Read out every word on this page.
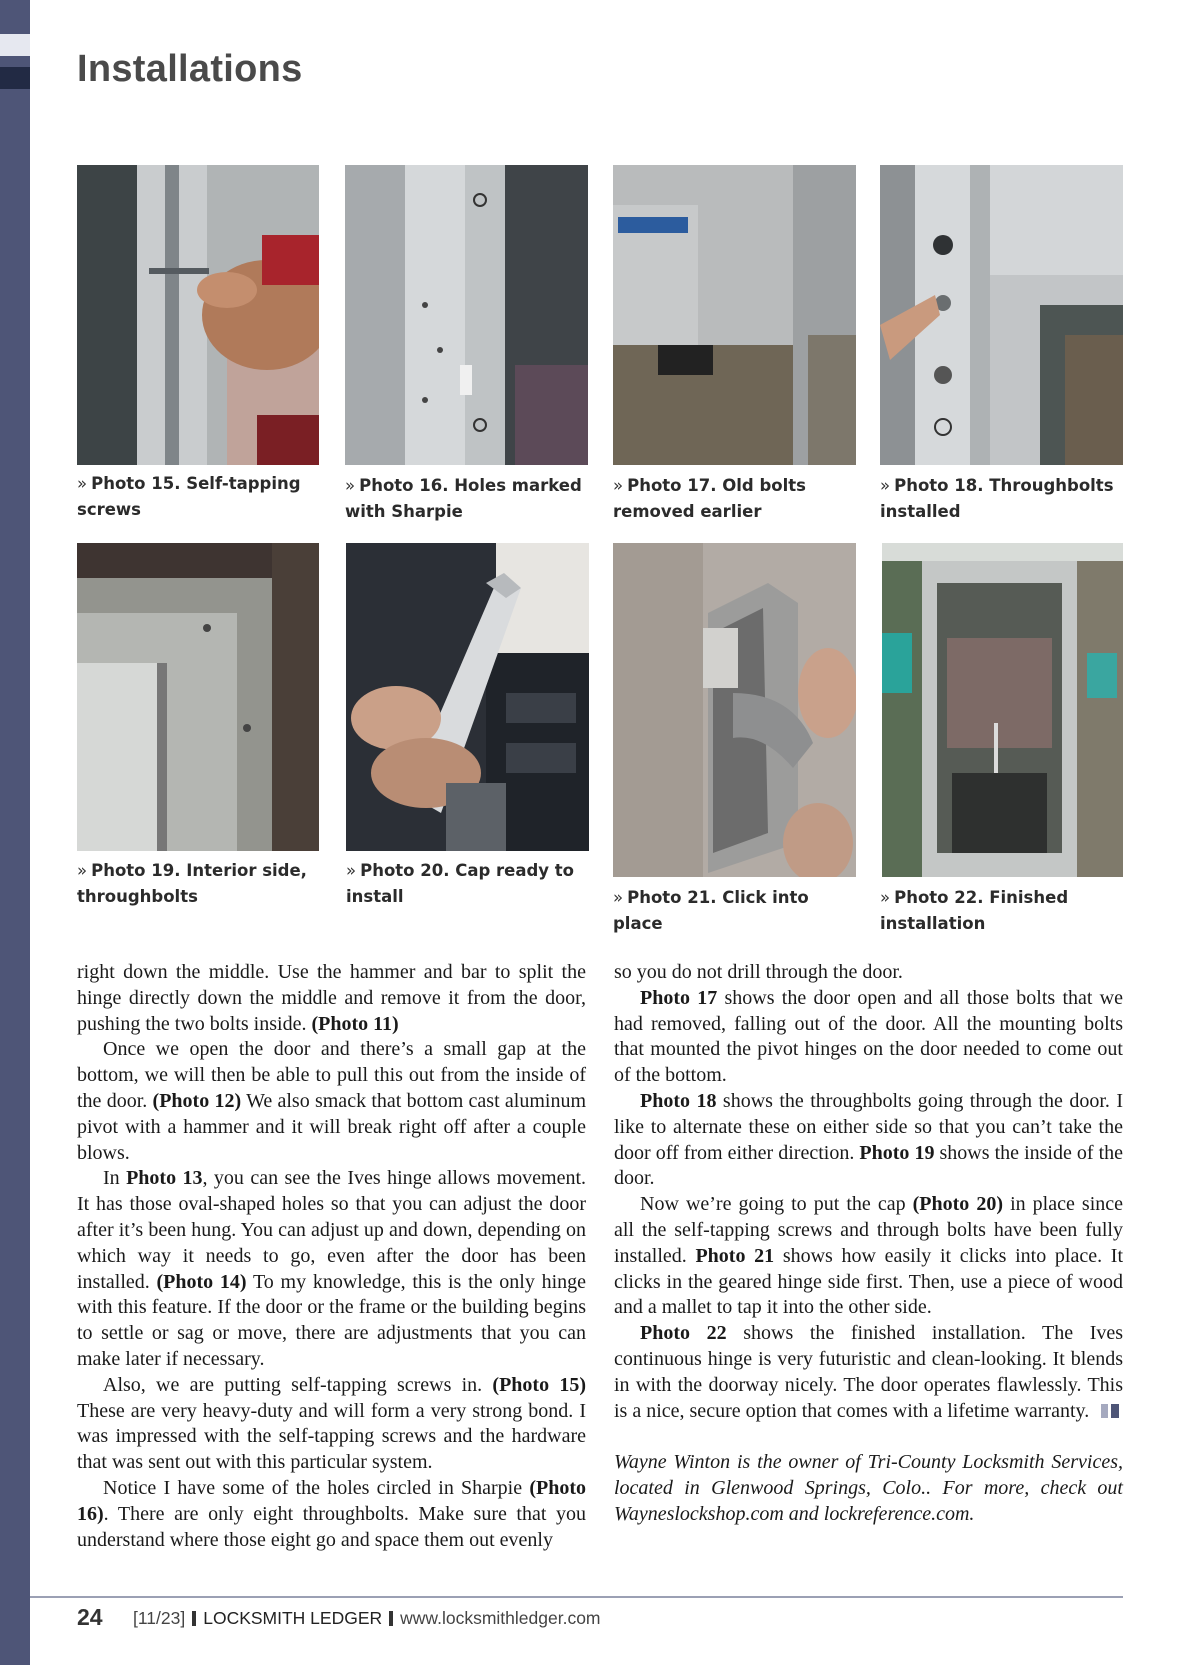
Installations
» Photo 15. Self-tapping screws
» Photo 16. Holes marked with Sharpie
» Photo 17. Old bolts removed earlier
» Photo 18. Throughbolts installed
» Photo 19. Interior side, throughbolts
» Photo 20. Cap ready to install	» Photo 21. Click into place
» Photo 22. Finished installation

right down the middle. Use the hammer and bar to split the hinge directly down the middle and remove it from the door, pushing the two bolts inside. (Photo 11)

Once we open the door and there’s a small gap at the bottom, we will then be able to pull this out from the inside of the door. (Photo 12) We also smack that bottom cast aluminum pivot with a hammer and it will break right off after a couple blows.

In Photo 13, you can see the Ives hinge allows movement. It has those oval-shaped holes so that you can adjust the door after it’s been hung. You can adjust up and down, depending on which way it needs to go, even after the door has been installed. (Photo 14) To my knowledge, this is the only hinge with this feature. If the door or the frame or the building begins to settle or sag or move, there are adjustments that you can make later if necessary.

Also, we are putting self-tapping screws in. (Photo 15) These are very heavy-duty and will form a very strong bond. I was impressed with the self-tapping screws and the hardware that was sent out with this particular system.

Notice I have some of the holes circled in Sharpie (Photo 16). There are only eight throughbolts. Make sure that you understand where those eight go and space them out evenly

so you do not drill through the door.

Photo 17 shows the door open and all those bolts that we had removed, falling out of the door. All the mounting bolts that mounted the pivot hinges on the door needed to come out of the bottom.

Photo 18 shows the throughbolts going through the door. I like to alternate these on either side so that you can’t take the door off from either direction. Photo 19 shows the inside of the door.

Now we’re going to put the cap (Photo 20) in place since all the self-tapping screws and through bolts have been fully installed. Photo 21 shows how easily it clicks into place. It clicks in the geared hinge side first. Then, use a piece of wood and a mallet to tap it into the other side.

Photo 22 shows the finished installation. The Ives continuous hinge is very futuristic and clean-looking. It blends in with the doorway nicely. The door operates flawlessly. This is a nice, secure option that comes with a lifetime warranty.

Wayne Winton is the owner of Tri-County Locksmith Services, located in Glenwood Springs, Colo.. For more, check out Wayneslockshop.com and lockreference.com.

24 [11/23] LOCKSMITH LEDGER www.locksmithledger.com
